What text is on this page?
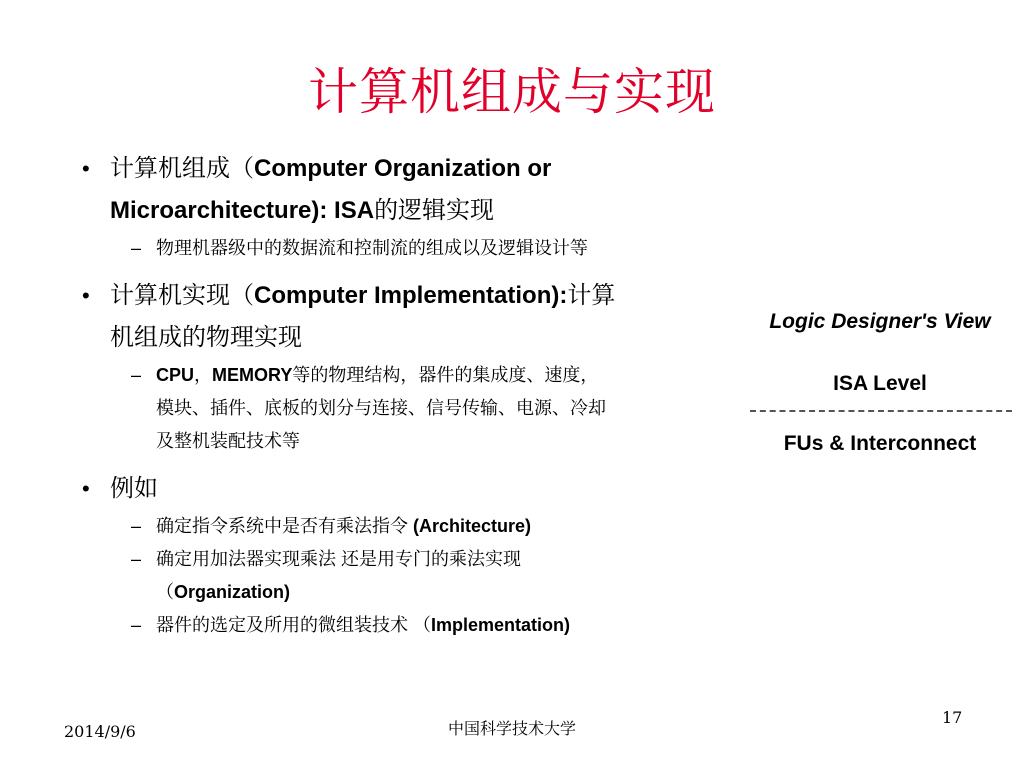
计算机组成与实现
• 计算机组成（Computer Organization or
Microarchitecture): ISA的逻辑实现
– 物理机器级中的数据流和控制流的组成以及逻辑设计等
• 计算机实现（Computer Implementation):计算
机组成的物理实现
– CPU，MEMORY等的物理结构，器件的集成度、速度，
模块、插件、底板的划分与连接、信号传输、电源、冷却
及整机装配技术等
• 例如
– 确定指令系统中是否有乘法指令 (Architecture)
– 确定用加法器实现乘法 还是用专门的乘法实现
（Organization)
– 器件的选定及所用的微组装技术 （Implementation)
Logic Designer's View
ISA Level
FUs & Interconnect
2014/9/6	中国科学技术大学
17
